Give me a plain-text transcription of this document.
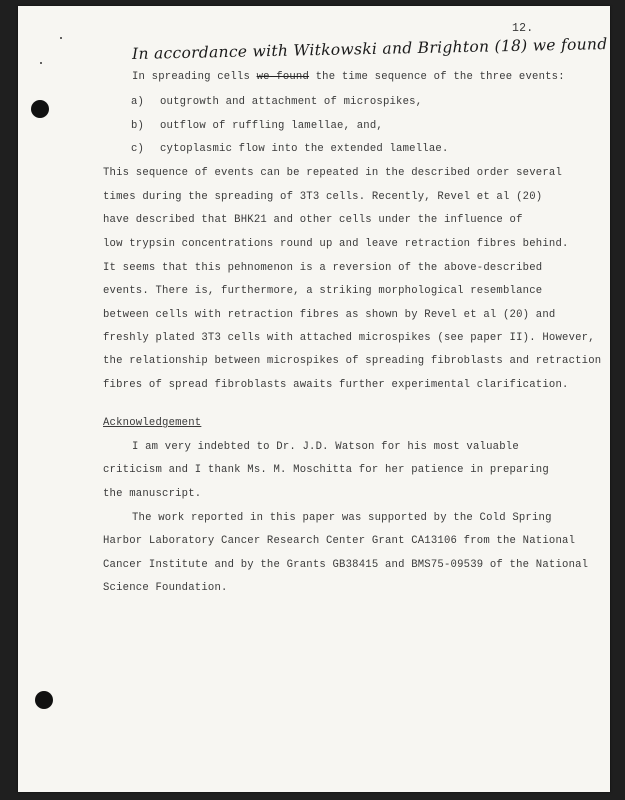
12.
In accordance with Witkowski and Brighton (18) we found
In spreading cells we found the time sequence of the three events:
a) outgrowth and attachment of microspikes,
b) outflow of ruffling lamellae, and,
c) cytoplasmic flow into the extended lamellae.
This sequence of events can be repeated in the described order several
times during the spreading of 3T3 cells. Recently, Revel et al (20)
have described that BHK21 and other cells under the influence of
low trypsin concentrations round up and leave retraction fibres behind.
It seems that this pehnomenon is a reversion of the above-described
events. There is, furthermore, a striking morphological resemblance
between cells with retraction fibres as shown by Revel et al (20) and
freshly plated 3T3 cells with attached microspikes (see paper II). However,
the relationship between microspikes of spreading fibroblasts and retraction
fibres of spread fibroblasts awaits further experimental clarification.
Acknowledgement
I am very indebted to Dr. J.D. Watson for his most valuable
criticism and I thank Ms. M. Moschitta for her patience in preparing
the manuscript.
The work reported in this paper was supported by the Cold Spring
Harbor Laboratory Cancer Research Center Grant CA13106 from the National
Cancer Institute and by the Grants GB38415 and BMS75-09539 of the National
Science Foundation.
